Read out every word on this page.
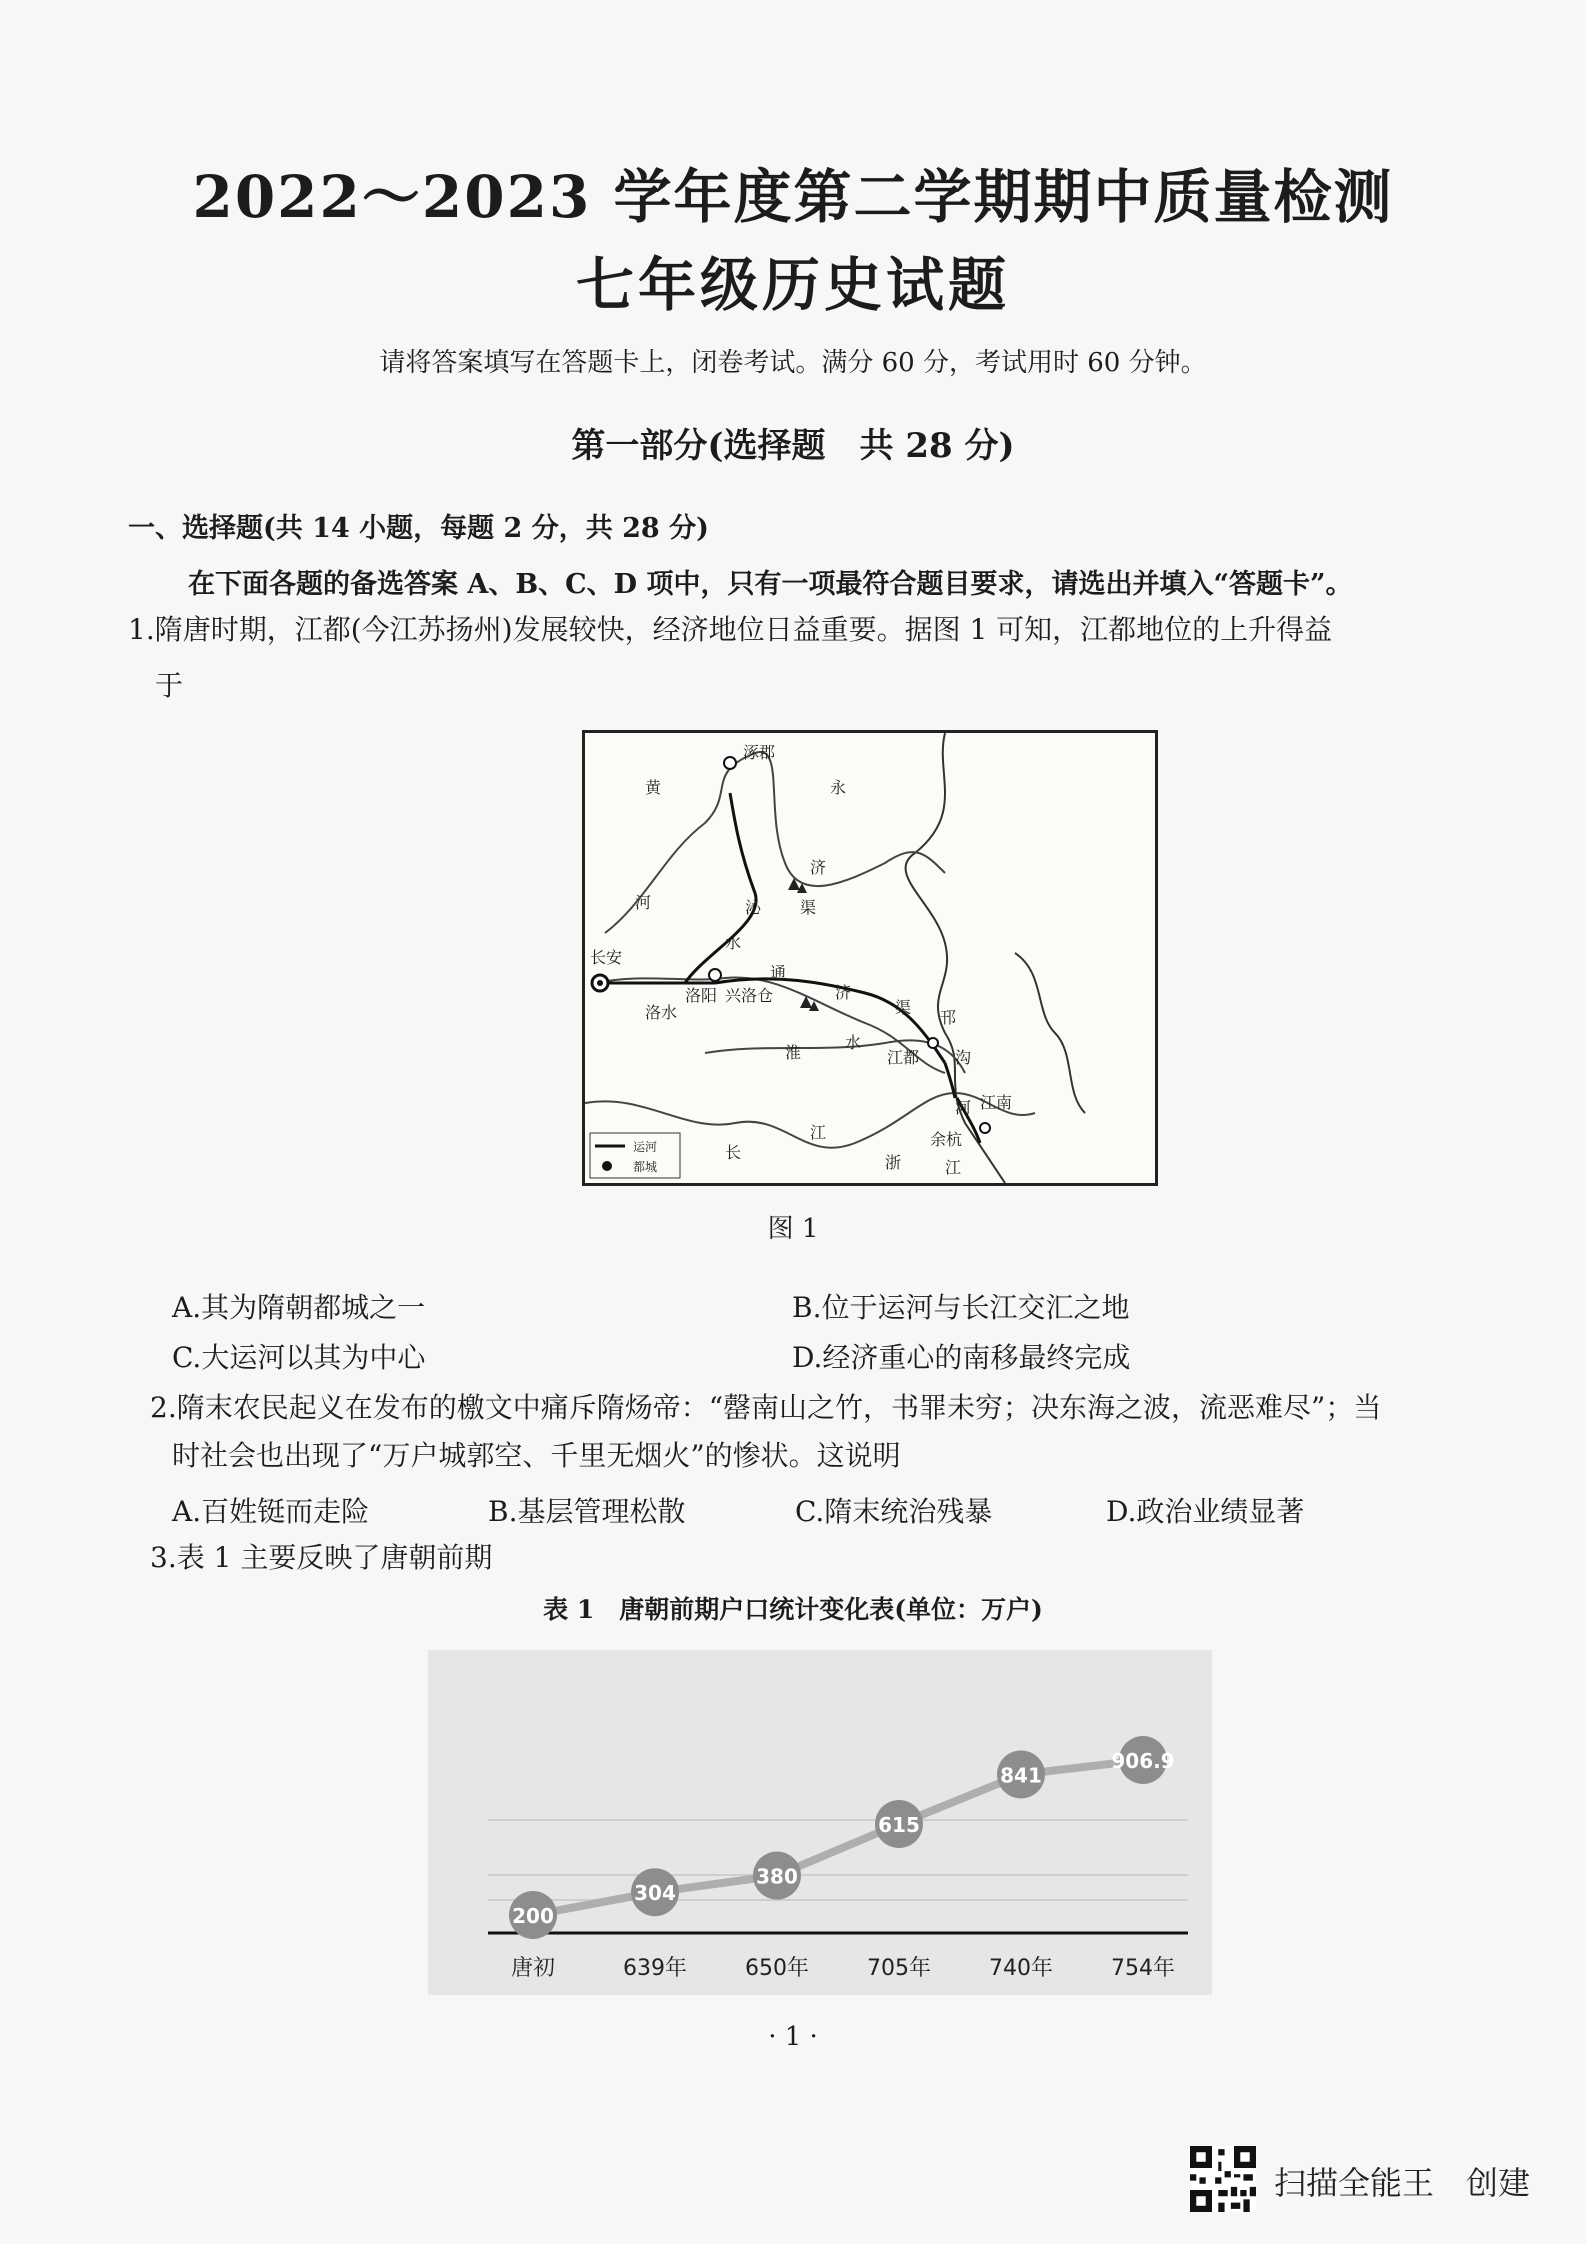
2022～2023 学年度第二学期期中质量检测
七年级历史试题
请将答案填写在答题卡上，闭卷考试。满分 60 分，考试用时 60 分钟。
第一部分(选择题　共 28 分)
一、选择题(共 14 小题，每题 2 分，共 28 分)
在下面各题的备选答案 A、B、C、D 项中，只有一项最符合题目要求，请选出并填入“答题卡”。
1.隋唐时期，江都(今江苏扬州)发展较快，经济地位日益重要。据图 1 可知，江都地位的上升得益
于
涿郡
永
济
渠
黄
河	沁
水
长安
洛阳 兴洛仓
通
济
渠
洛水
淮
水
邗
沟
江都
江南
河
余杭
长
江
浙	江
运河
都城
图 1
A.其为隋朝都城之一	B.位于运河与长江交汇之地
C.大运河以其为中心	D.经济重心的南移最终完成
2.隋末农民起义在发布的檄文中痛斥隋炀帝：“罄南山之竹，书罪未穷；决东海之波，流恶难尽”；当
时社会也出现了“万户城郭空、千里无烟火”的惨状。这说明
A.百姓铤而走险	B.基层管理松散	C.隋末统治残暴	D.政治业绩显著
3.表 1 主要反映了唐朝前期
表 1　唐朝前期户口统计变化表(单位：万户)
200
304
380
615
841
906.9
唐初	639年	650年	705年	740年	754年
· 1 ·
扫描全能王　创建
